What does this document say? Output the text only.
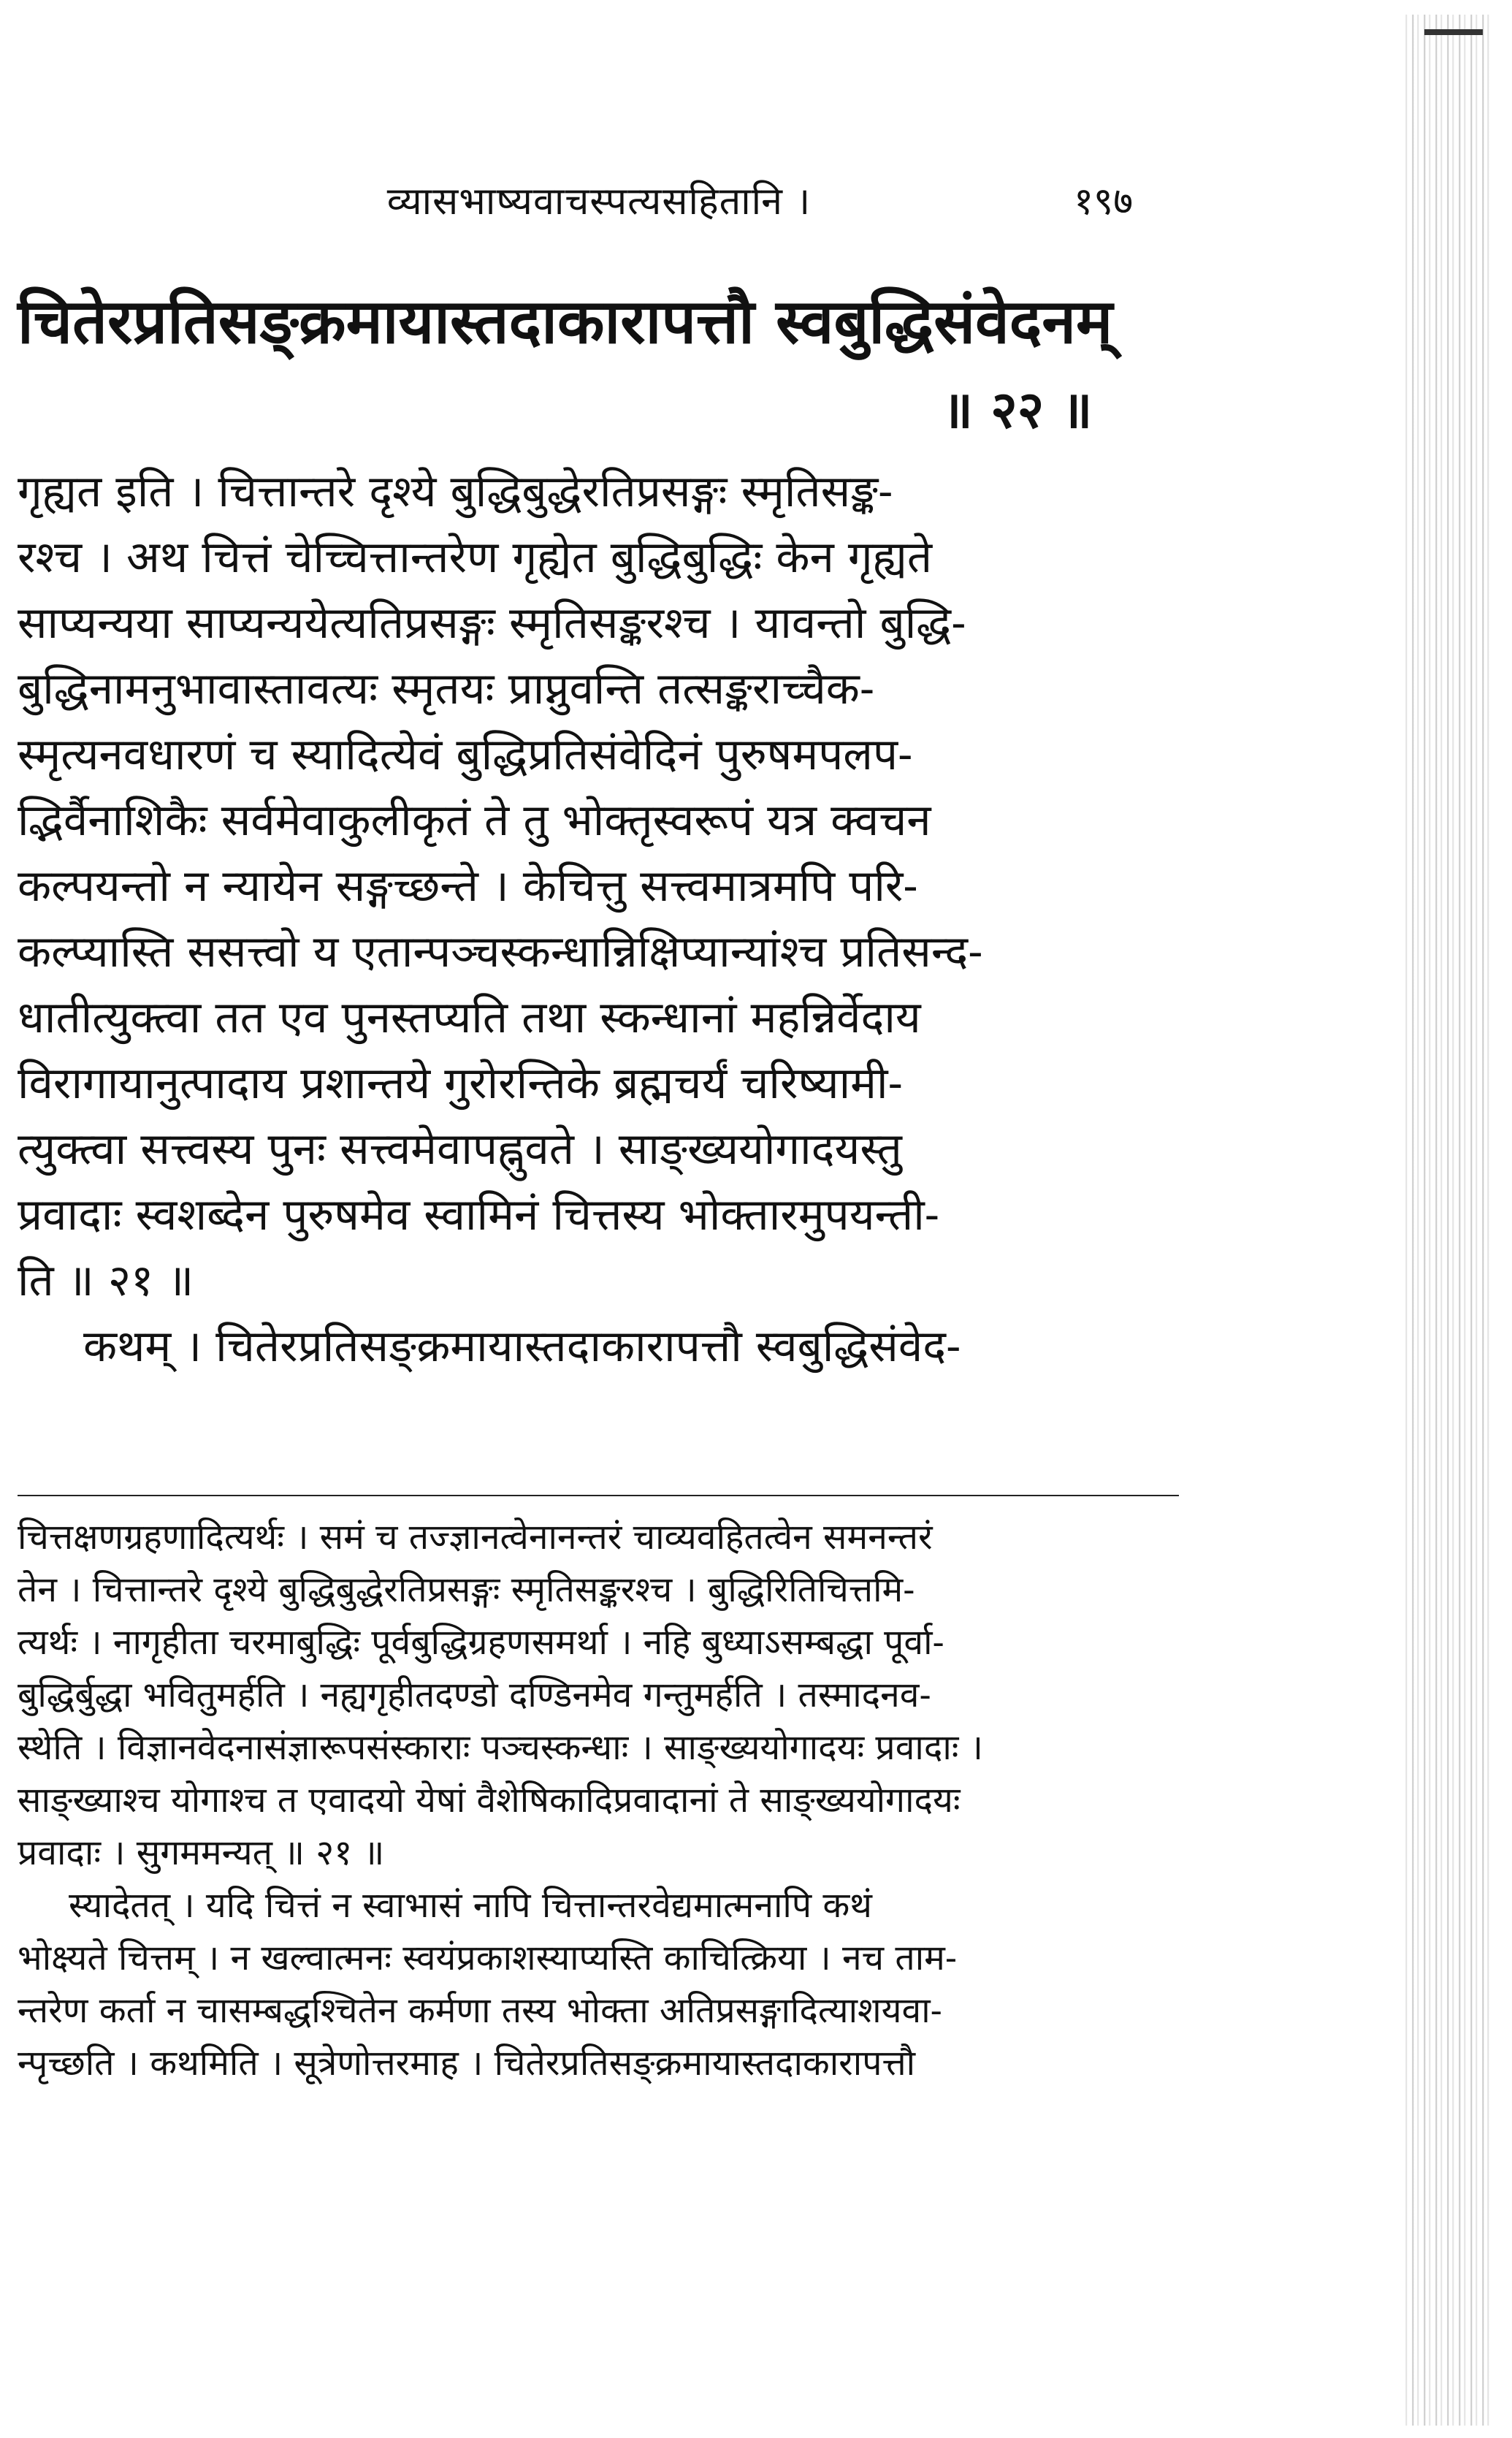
व्यासभाष्यवाचस्पत्यसहितानि ।	१९७
चितेरप्रतिसङ्क्रमायास्तदाकारापत्तौ स्वबुद्धिसंवेदनम्
॥ २२ ॥
गृह्यत इति । चित्तान्तरे दृश्ये बुद्धिबुद्धेरतिप्रसङ्गः स्मृतिसङ्क-
रश्च । अथ चित्तं चेच्चित्तान्तरेण गृह्येत बुद्धिबुद्धिः केन गृह्यते
साप्यन्यया साप्यन्ययेत्यतिप्रसङ्गः स्मृतिसङ्करश्च । यावन्तो बुद्धि-
बुद्धिनामनुभावास्तावत्यः स्मृतयः प्राप्नुवन्ति तत्सङ्कराच्चैक-
स्मृत्यनवधारणं च स्यादित्येवं बुद्धिप्रतिसंवेदिनं पुरुषमपलप-
द्भिर्वैनाशिकैः सर्वमेवाकुलीकृतं ते तु भोक्तृस्वरूपं यत्र क्वचन
कल्पयन्तो न न्यायेन सङ्गच्छन्ते । केचित्तु सत्त्वमात्रमपि परि-
कल्प्यास्ति ससत्त्वो य एतान्पञ्चस्कन्धान्निक्षिप्यान्यांश्च प्रतिसन्द-
धातीत्युक्त्वा तत एव पुनस्तप्यति तथा स्कन्धानां महन्निर्वेदाय
विरागायानुत्पादाय प्रशान्तये गुरोरन्तिके ब्रह्मचर्यं चरिष्यामी-
त्युक्त्वा सत्त्वस्य पुनः सत्त्वमेवापह्नुवते । साङ्ख्ययोगादयस्तु
प्रवादाः स्वशब्देन पुरुषमेव स्वामिनं चित्तस्य भोक्तारमुपयन्ती-
ति ॥ २१ ॥
कथम् । चितेरप्रतिसङ्क्रमायास्तदाकारापत्तौ स्वबुद्धिसंवेद-
चित्तक्षणग्रहणादित्यर्थः । समं च तज्ज्ञानत्वेनानन्तरं चाव्यवहितत्वेन समनन्तरं
तेन । चित्तान्तरे दृश्ये बुद्धिबुद्धेरतिप्रसङ्गः स्मृतिसङ्करश्च । बुद्धिरितिचित्तमि-
त्यर्थः । नागृहीता चरमाबुद्धिः पूर्वबुद्धिग्रहणसमर्था । नहि बुध्याऽसम्बद्धा पूर्वा-
बुद्धिर्बुद्धा भवितुमर्हति । नह्यगृहीतदण्डो दण्डिनमेव गन्तुमर्हति । तस्मादनव-
स्थेति । विज्ञानवेदनासंज्ञारूपसंस्काराः पञ्चस्कन्धाः । साङ्ख्ययोगादयः प्रवादाः ।
साङ्ख्याश्च योगाश्च त एवादयो येषां वैशेषिकादिप्रवादानां ते साङ्ख्ययोगादयः
प्रवादाः । सुगममन्यत् ॥ २१ ॥
स्यादेतत् । यदि चित्तं न स्वाभासं नापि चित्तान्तरवेद्यमात्मनापि कथं
भोक्ष्यते चित्तम् । न खल्वात्मनः स्वयंप्रकाशस्याप्यस्ति काचित्क्रिया । नच ताम-
न्तरेण कर्ता न चासम्बद्धश्चितेन कर्मणा तस्य भोक्ता अतिप्रसङ्गादित्याशयवा-
न्पृच्छति । कथमिति । सूत्रेणोत्तरमाह । चितेरप्रतिसङ्क्रमायास्तदाकारापत्तौ
